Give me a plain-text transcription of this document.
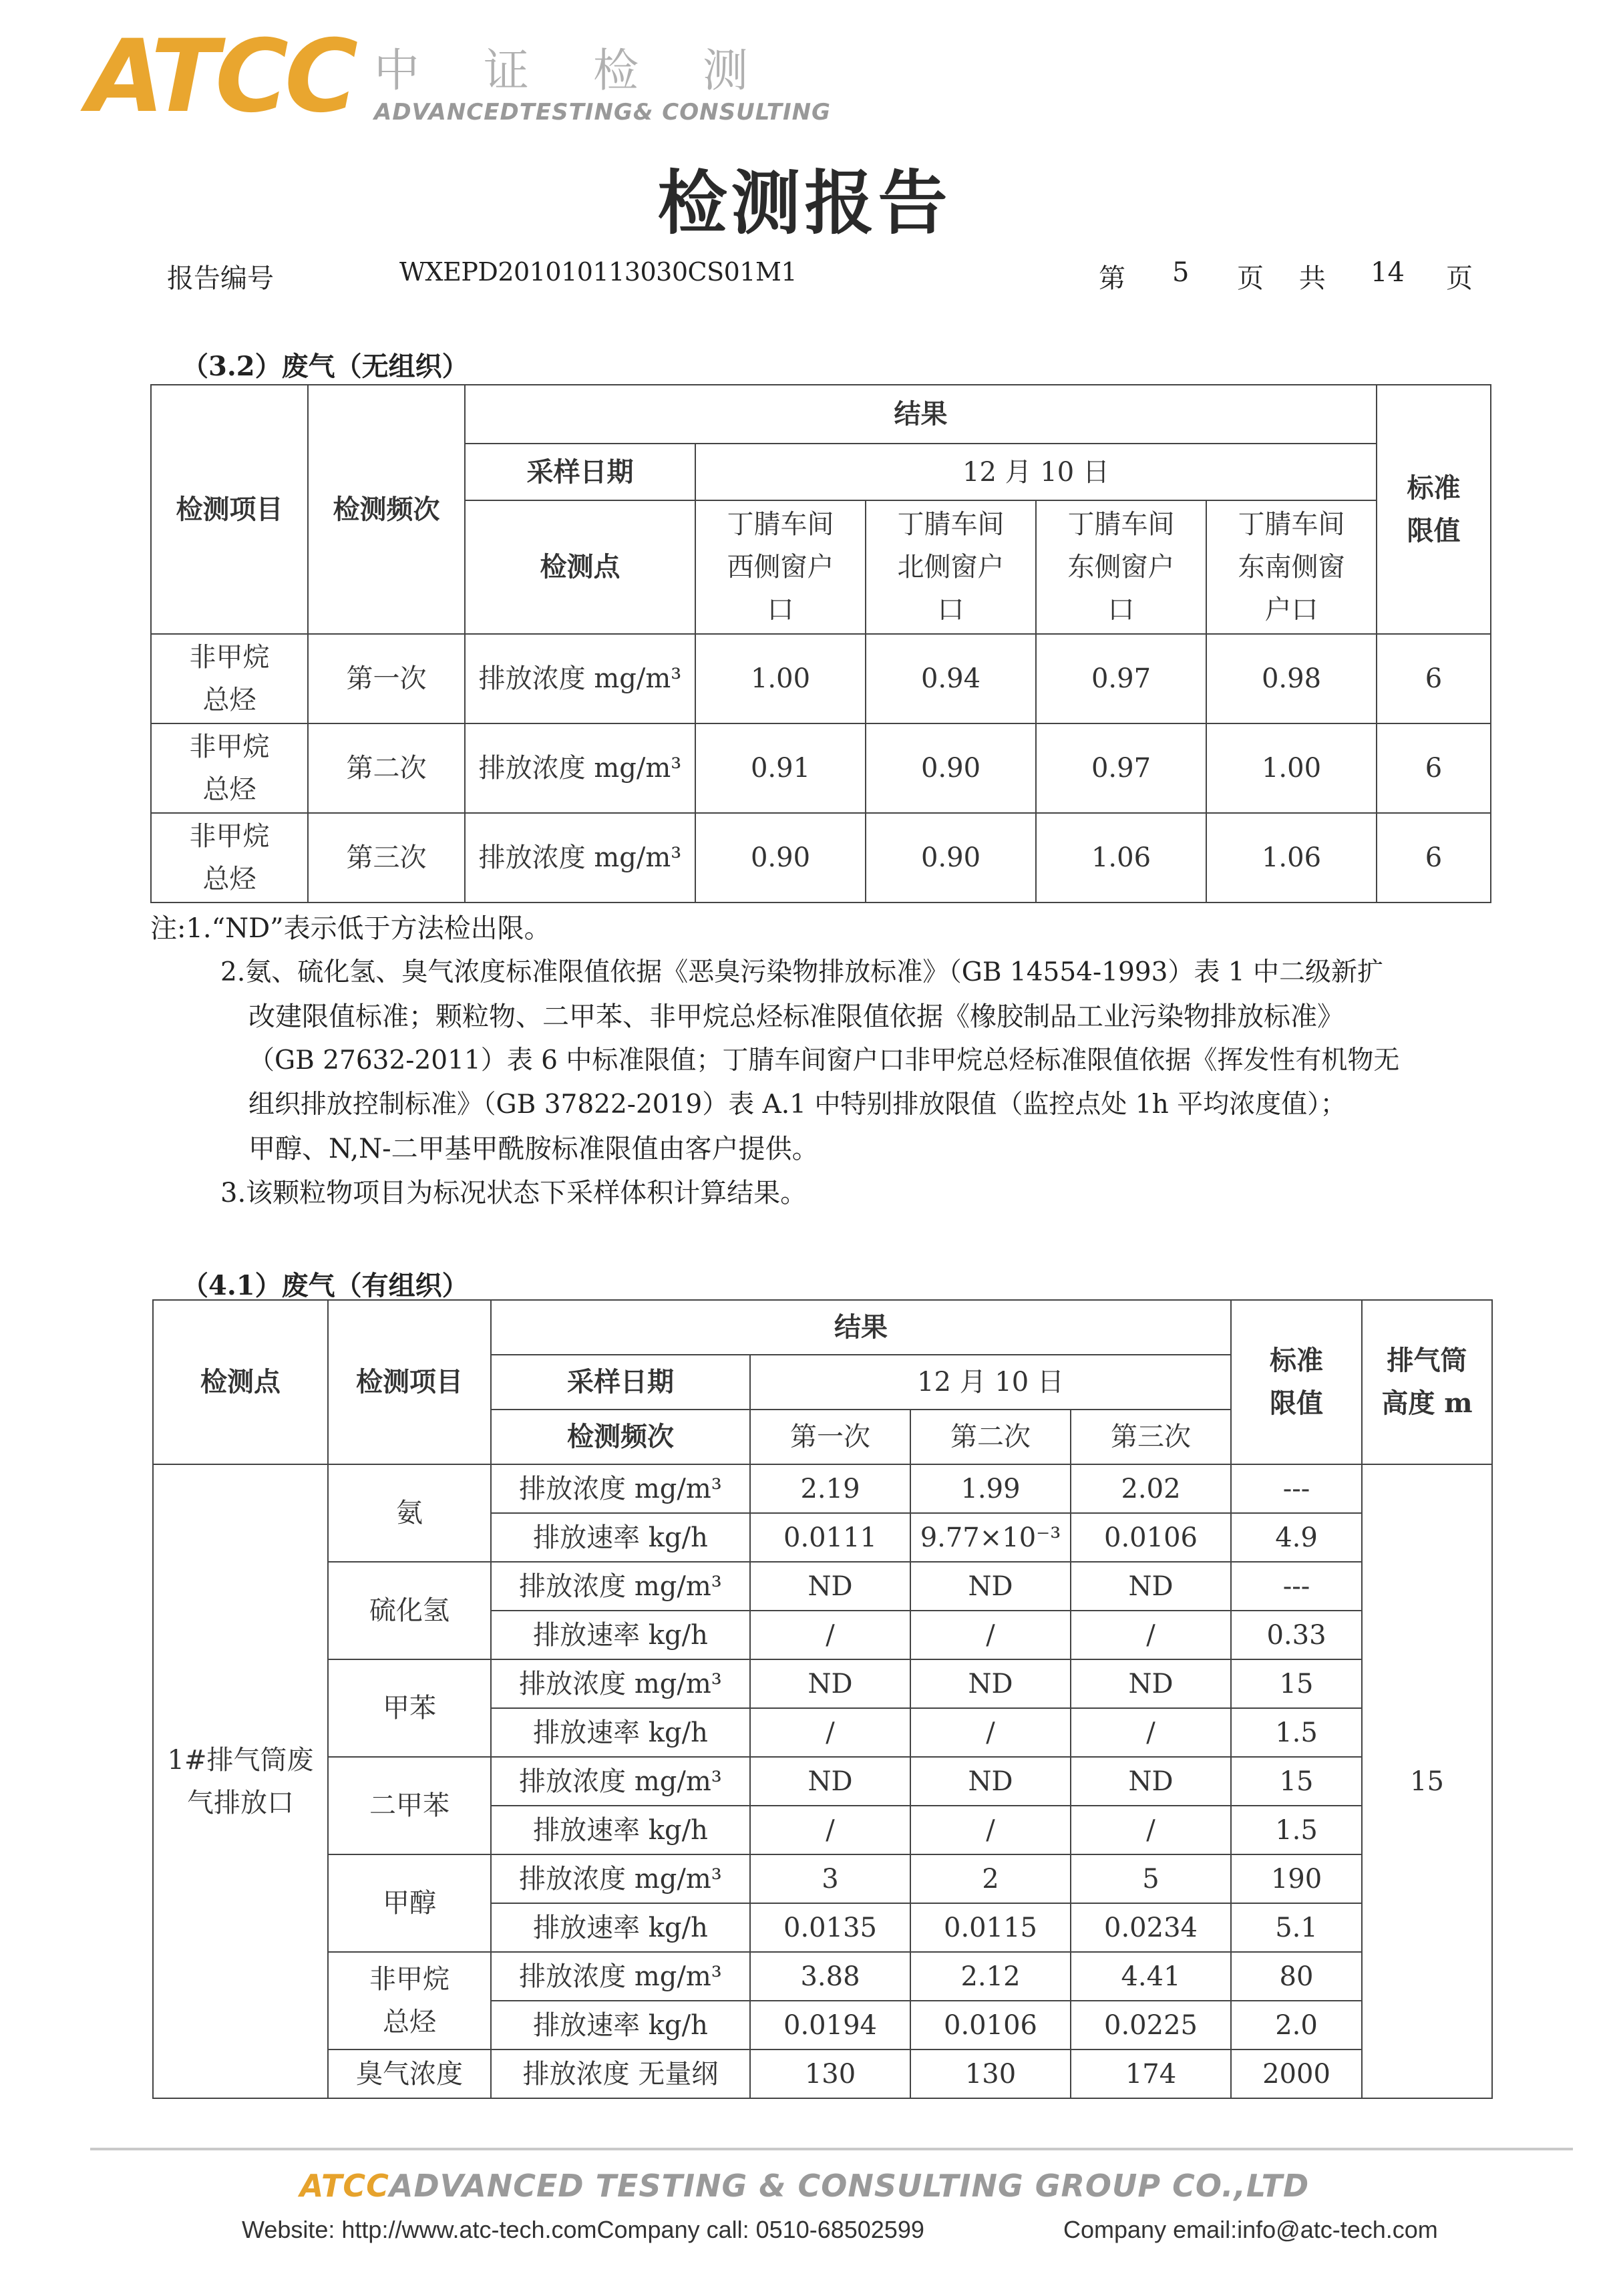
ATCC 中证检测
ADVANCEDTESTING& CONSULTING
检测报告
报告编号	WXEPD201010113030CS01M1	第 5 页 共 14 页
（3.2）废气（无组织）
检测项目	检测频次	结果					标准限值

		采样日期	12 月 10 日				
		检测点	丁腈车间西侧窗户口	丁腈车间北侧窗户口	丁腈车间东侧窗户口	丁腈车间东南侧窗户口	

非甲烷总烃	第一次	排放浓度 mg/m³	1.00	0.94	0.97	0.98	6

非甲烷总烃	第二次	排放浓度 mg/m³	0.91	0.90	0.97	1.00	6

非甲烷总烃	第三次	排放浓度 mg/m³	0.90	0.90	1.06	1.06	6
注:1.“ND”表示低于方法检出限。
2.氨、硫化氢、臭气浓度标准限值依据《恶臭污染物排放标准》（GB 14554-1993）表 1 中二级新扩
改建限值标准；颗粒物、二甲苯、非甲烷总烃标准限值依据《橡胶制品工业污染物排放标准》
（GB 27632-2011）表 6 中标准限值；丁腈车间窗户口非甲烷总烃标准限值依据《挥发性有机物无
组织排放控制标准》（GB 37822-2019）表 A.1 中特别排放限值（监控点处 1h 平均浓度值）；
甲醇、N,N-二甲基甲酰胺标准限值由客户提供。
3.该颗粒物项目为标况状态下采样体积计算结果。
（4.1）废气（有组织）
检测点	检测项目	结果				标准限值	排气筒高度 m

		采样日期	12 月 10 日				
		检测频次	第一次	第二次	第三次		

1#排气筒废气排放口	氨	排放浓度 mg/m³	2.19	1.99	2.02	---	15
		排放速率 kg/h	0.0111	9.77×10⁻³	0.0106	4.9	
	硫化氢	排放浓度 mg/m³	ND	ND	ND	---	
		排放速率 kg/h	/	/	/	0.33	
	甲苯	排放浓度 mg/m³	ND	ND	ND	15	
		排放速率 kg/h	/	/	/	1.5	
	二甲苯	排放浓度 mg/m³	ND	ND	ND	15	
		排放速率 kg/h	/	/	/	1.5	
	甲醇	排放浓度 mg/m³	3	2	5	190	
		排放速率 kg/h	0.0135	0.0115	0.0234	5.1	

	非甲烷总烃	排放浓度 mg/m³	3.88	2.12	4.41	80	
		排放速率 kg/h	0.0194	0.0106	0.0225	2.0	
	臭气浓度	排放浓度 无量纲	130	130	174	2000	
ATCCADVANCED TESTING & CONSULTING GROUP CO.,LTD
Website: http://www.atc-tech.comCompany call: 0510-68502599	Company email:info@atc-tech.com
